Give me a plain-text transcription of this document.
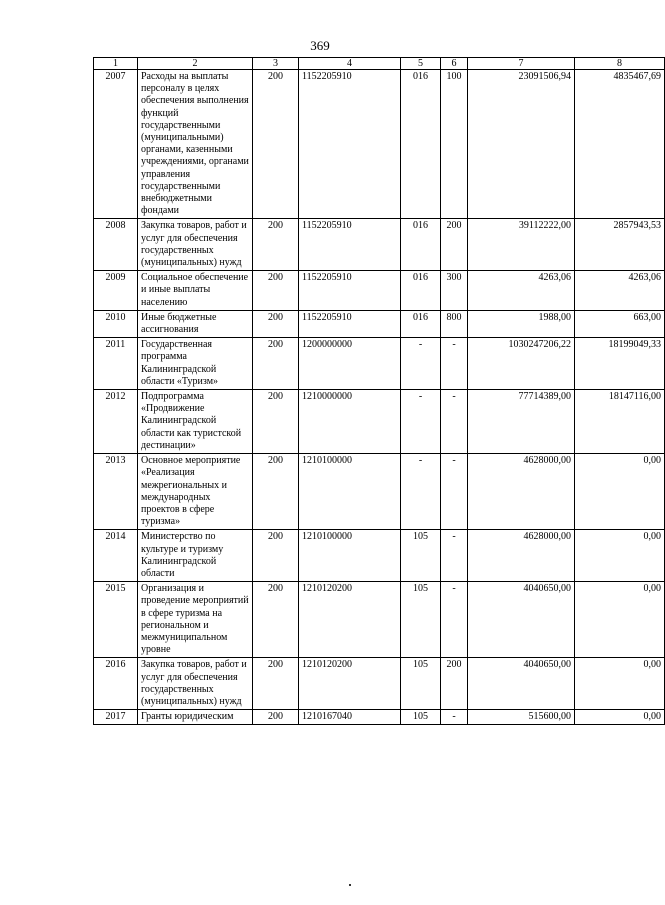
369
1	2	3	4	5	6	7	8
2007	Расходы на выплаты персоналу в целях обеспечения выполнения функций государственными (муниципальными) органами, казенными учреждениями, органами управления государственными внебюджетными фондами	200	1152205910	016	100	23091506,94	4835467,69
2008	Закупка товаров, работ и услуг для обеспечения государственных (муниципальных) нужд	200	1152205910	016	200	39112222,00	2857943,53
2009	Социальное обеспечение и иные выплаты населению	200	1152205910	016	300	4263,06	4263,06
2010	Иные бюджетные ассигнования	200	1152205910	016	800	1988,00	663,00
2011	Государственная программа Калининградской области «Туризм»	200	1200000000	-	-	1030247206,22	18199049,33
2012	Подпрограмма «Продвижение Калининградской области как туристской дестинации»	200	1210000000	-	-	77714389,00	18147116,00
2013	Основное мероприятие «Реализация межрегиональных и международных проектов в сфере туризма»	200	1210100000	-	-	4628000,00	0,00
2014	Министерство по культуре и туризму Калининградской области	200	1210100000	105	-	4628000,00	0,00
2015	Организация и проведение мероприятий в сфере туризма на региональном и межмуниципальном уровне	200	1210120200	105	-	4040650,00	0,00
2016	Закупка товаров, работ и услуг для обеспечения государственных (муниципальных) нужд	200	1210120200	105	200	4040650,00	0,00
2017	Гранты юридическим	200	1210167040	105	-	515600,00	0,00
